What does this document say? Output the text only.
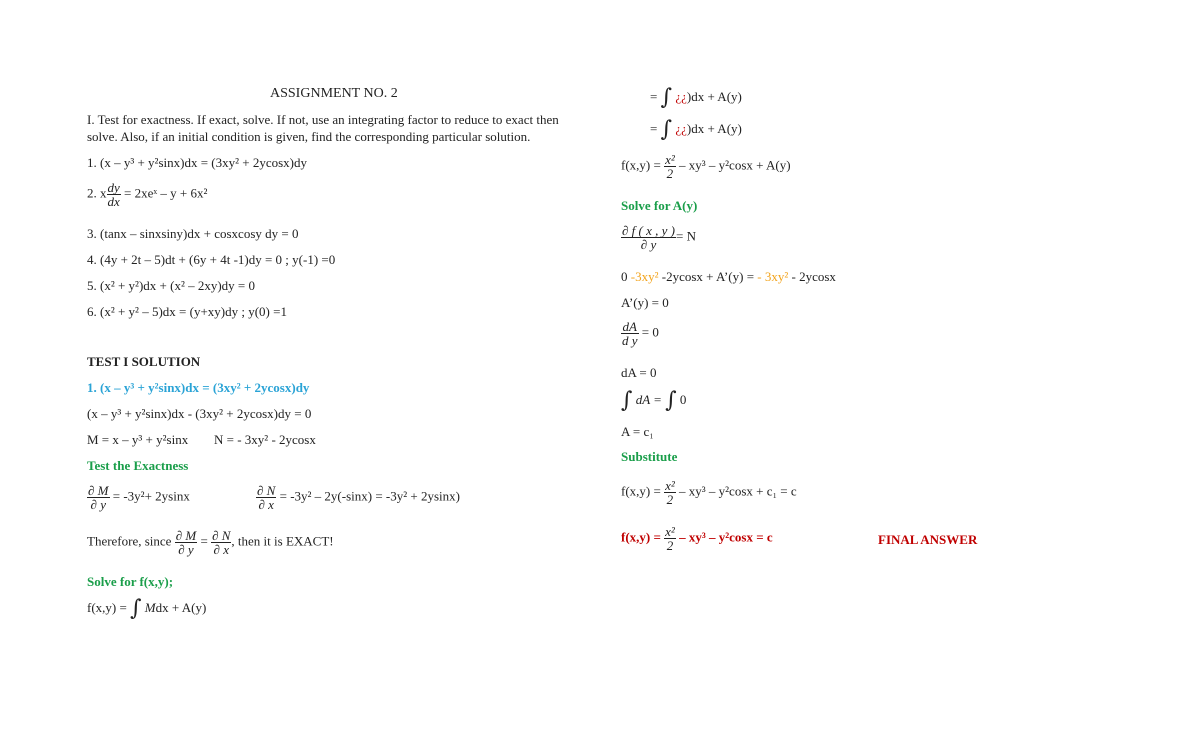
ASSIGNMENT NO. 2
I. Test for exactness. If exact, solve. If not, use an integrating factor to reduce to exact then
solve. Also, if an initial condition is given, find the corresponding particular solution.
1. (x – y³ + y²sinx)dx = (3xy² + 2ycosx)dy
2. x $\frac{dy}{dx}$ = 2xeˣ – y + 6x²
3. (tanx – sinxsiny)dx + cosxcosy dy = 0
4. (4y + 2t – 5)dt + (6y + 4t -1)dy = 0 ; y(-1) =0
5. (x² + y²)dx + (x² – 2xy)dy = 0
6. (x² + y² – 5)dx = (y+xy)dy ; y(0) =1
TEST I SOLUTION
1. (x – y³ + y²sinx)dx = (3xy² + 2ycosx)dy
(x – y³ + y²sinx)dx - (3xy² + 2ycosx)dy = 0
M = x – y³ + y²sinx N = - 3xy² - 2ycosx
Test the Exactness
$\frac{\partial M}{\partial y} = -3y^2+ 2ysinx$	$\frac{\partial N}{\partial x} = -3y^2 - 2y(-\sin x) = -3y^2 + 2ysinx$)
Therefore, since $\frac{\partial M}{\partial y} = \frac{\partial N}{\partial x}$ , then it is EXACT!
Solve for f(x,y);
f(x,y) = ∫ Mdx + A(y)
= ∫ ¿¿)dx + A(y)
= ∫ ¿¿)dx + A(y)
$f(x,y) = \frac{\text{x²}}{2} - xy^3 - y^2\cos x + A(y)$
Solve for A(y)
$\frac{\partial f ( x , y )}{\partial y} = N$
0 -3xy² -2ycosx + A’(y) = - 3xy² - 2ycosx
A’(y) = 0
$\frac{dA}{\text{d y}} = 0$
dA = 0
∫ dA = ∫ 0
A = c₁
Substitute
$f(x,y) = \frac{\text{x²}}{2} - xy^3 - y^2\cos x + c_1 = c$
$f(x,y) = \frac{\text{x²}}{2} - xy^3 - y^2\cos x = c$	FINAL ANSWER
